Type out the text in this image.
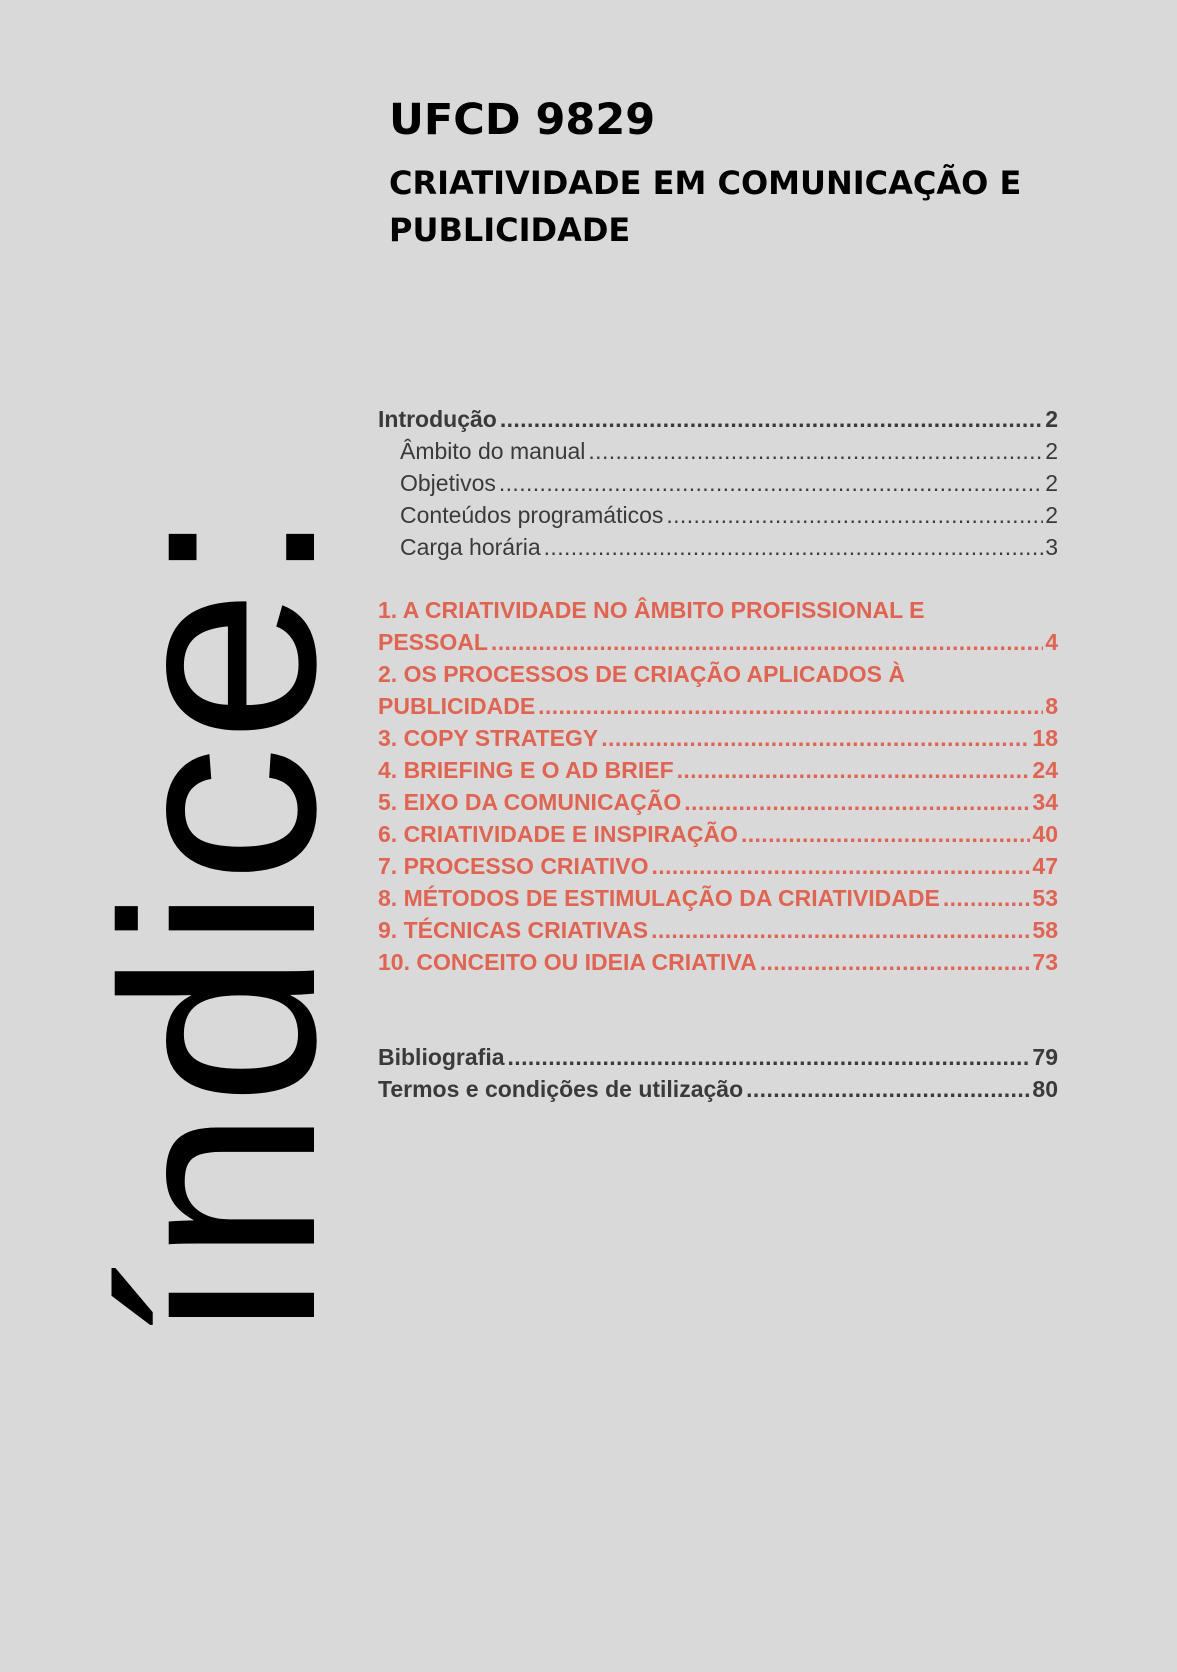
índice:
UFCD 9829
CRIATIVIDADE EM COMUNICAÇÃO E PUBLICIDADE
Introdução . . .	2
Âmbito do manual . . .	2
Objetivos . . .	2
Conteúdos programáticos . . .	2
Carga horária . . .	3
1. A CRIATIVIDADE NO ÂMBITO PROFISSIONAL E
PESSOAL . . .	4
2. OS PROCESSOS DE CRIAÇÃO APLICADOS À
PUBLICIDADE . . .	8
3. COPY STRATEGY . . .	18
4. BRIEFING E O AD BRIEF . . .	24
5. EIXO DA COMUNICAÇÃO . . .	34
6. CRIATIVIDADE E INSPIRAÇÃO . . .	40
7. PROCESSO CRIATIVO . . .	47
8. MÉTODOS DE ESTIMULAÇÃO DA CRIATIVIDADE . . .	53
9. TÉCNICAS CRIATIVAS . . .	58
10. CONCEITO OU IDEIA CRIATIVA . . .	73
Bibliografia . . .	79
Termos e condições de utilização . . .	80
